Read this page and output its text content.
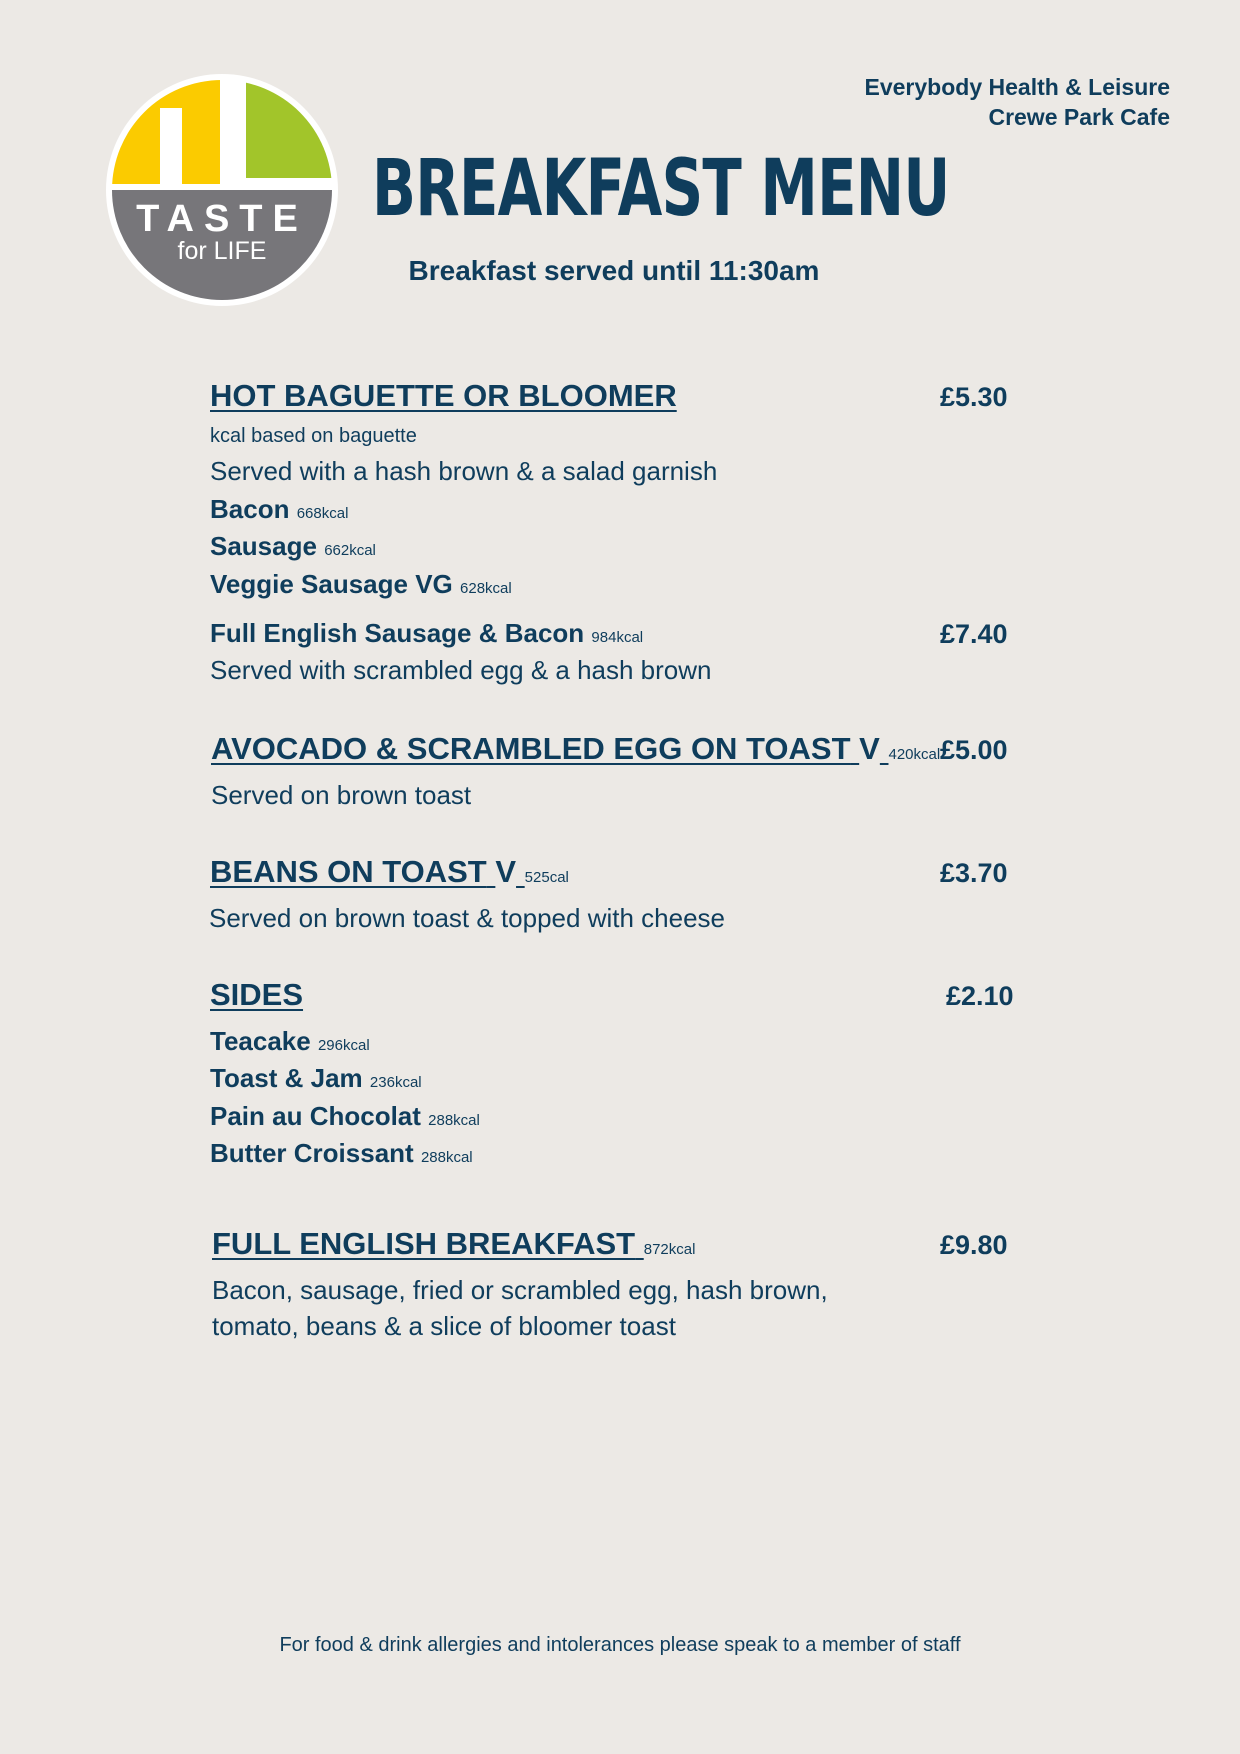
Everybody Health & Leisure
Crewe Park Cafe
TASTE
for LIFE
BREAKFAST MENU
Breakfast served until 11:30am
HOT BAGUETTE OR BLOOMER	£5.30
kcal based on baguette
Served with a hash brown & a salad garnish
Bacon 668kcal
Sausage 662kcal
Veggie Sausage VG 628kcal
Full English Sausage & Bacon 984kcal	£7.40
Served with scrambled egg & a hash brown
AVOCADO & SCRAMBLED EGG ON TOAST V 420kcal £5.00
Served on brown toast
BEANS ON TOAST V 525cal	£3.70
Served on brown toast & topped with cheese
SIDES	£2.10
Teacake 296kcal
Toast & Jam 236kcal
Pain au Chocolat 288kcal
Butter Croissant 288kcal
FULL ENGLISH BREAKFAST 872kcal	£9.80
Bacon, sausage, fried or scrambled egg, hash brown,
tomato, beans & a slice of bloomer toast
For food & drink allergies and intolerances please speak to a member of staff
